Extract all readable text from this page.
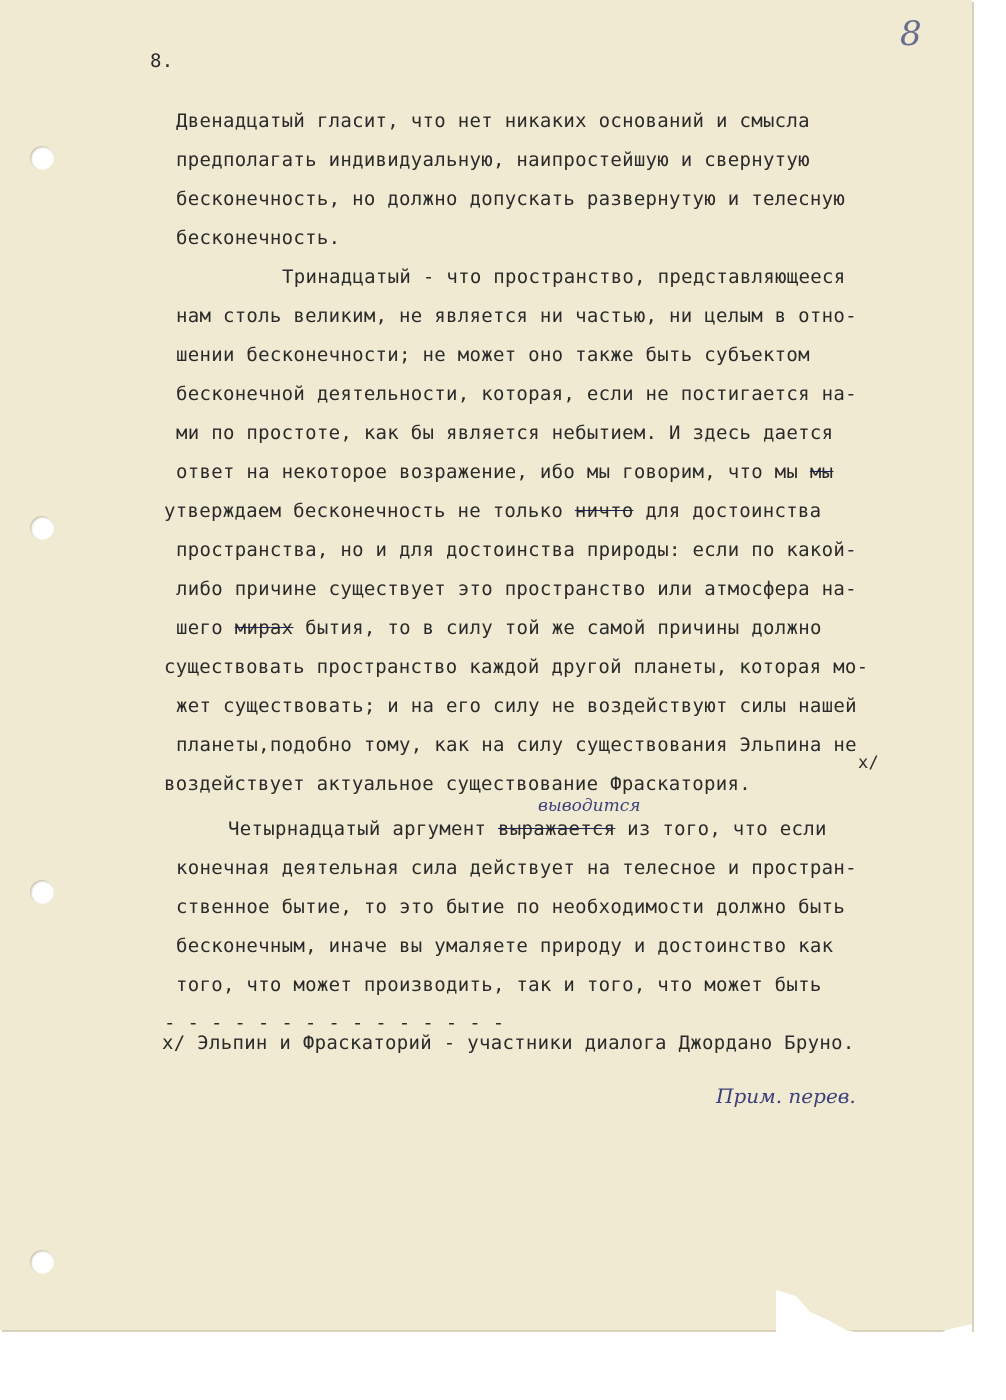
8.
8

Двенадцатый гласит, что нет никаких оснований и смысла

предполагать индивидуальную, наипростейшую и свернутую

бесконечность, но должно допускать развернутую и телесную

бесконечность.

Тринадцатый - что пространство, представляющееся

нам столь великим, не является ни частью, ни целым в отно-

шении бесконечности; не может оно также быть субъектом

бесконечной деятельности, которая, если не постигается на-

ми по простоте, как бы является небытием. И здесь дается

ответ на некоторое возражение, ибо мы говорим, что мы мы

утверждаем бесконечность не только ничто для достоинства

пространства, но и для достоинства природы: если по какой-

либо причине существует это пространство или атмосфера на-

шего мирах бытия, то в силу той же самой причины должно

существовать пространство каждой другой планеты, которая мо-

жет существовать; и на его силу не воздействуют силы нашей

планеты,подобно тому, как на силу существования Эльпина не

воздействует актуальное существование Фраскатория.

x/

выводится

Четырнадцатый аргумент выражается из того, что если

конечная деятельная сила действует на телесное и простран-

ственное бытие, то это бытие по необходимости должно быть

бесконечным, иначе вы умаляете природу и достоинство как

того, что может производить, так и того, что может быть

- - - - - - - - - - - - - - -
x/ Эльпин и Фраскаторий - участники диалога Джордано Бруно.
Прим. перев.
